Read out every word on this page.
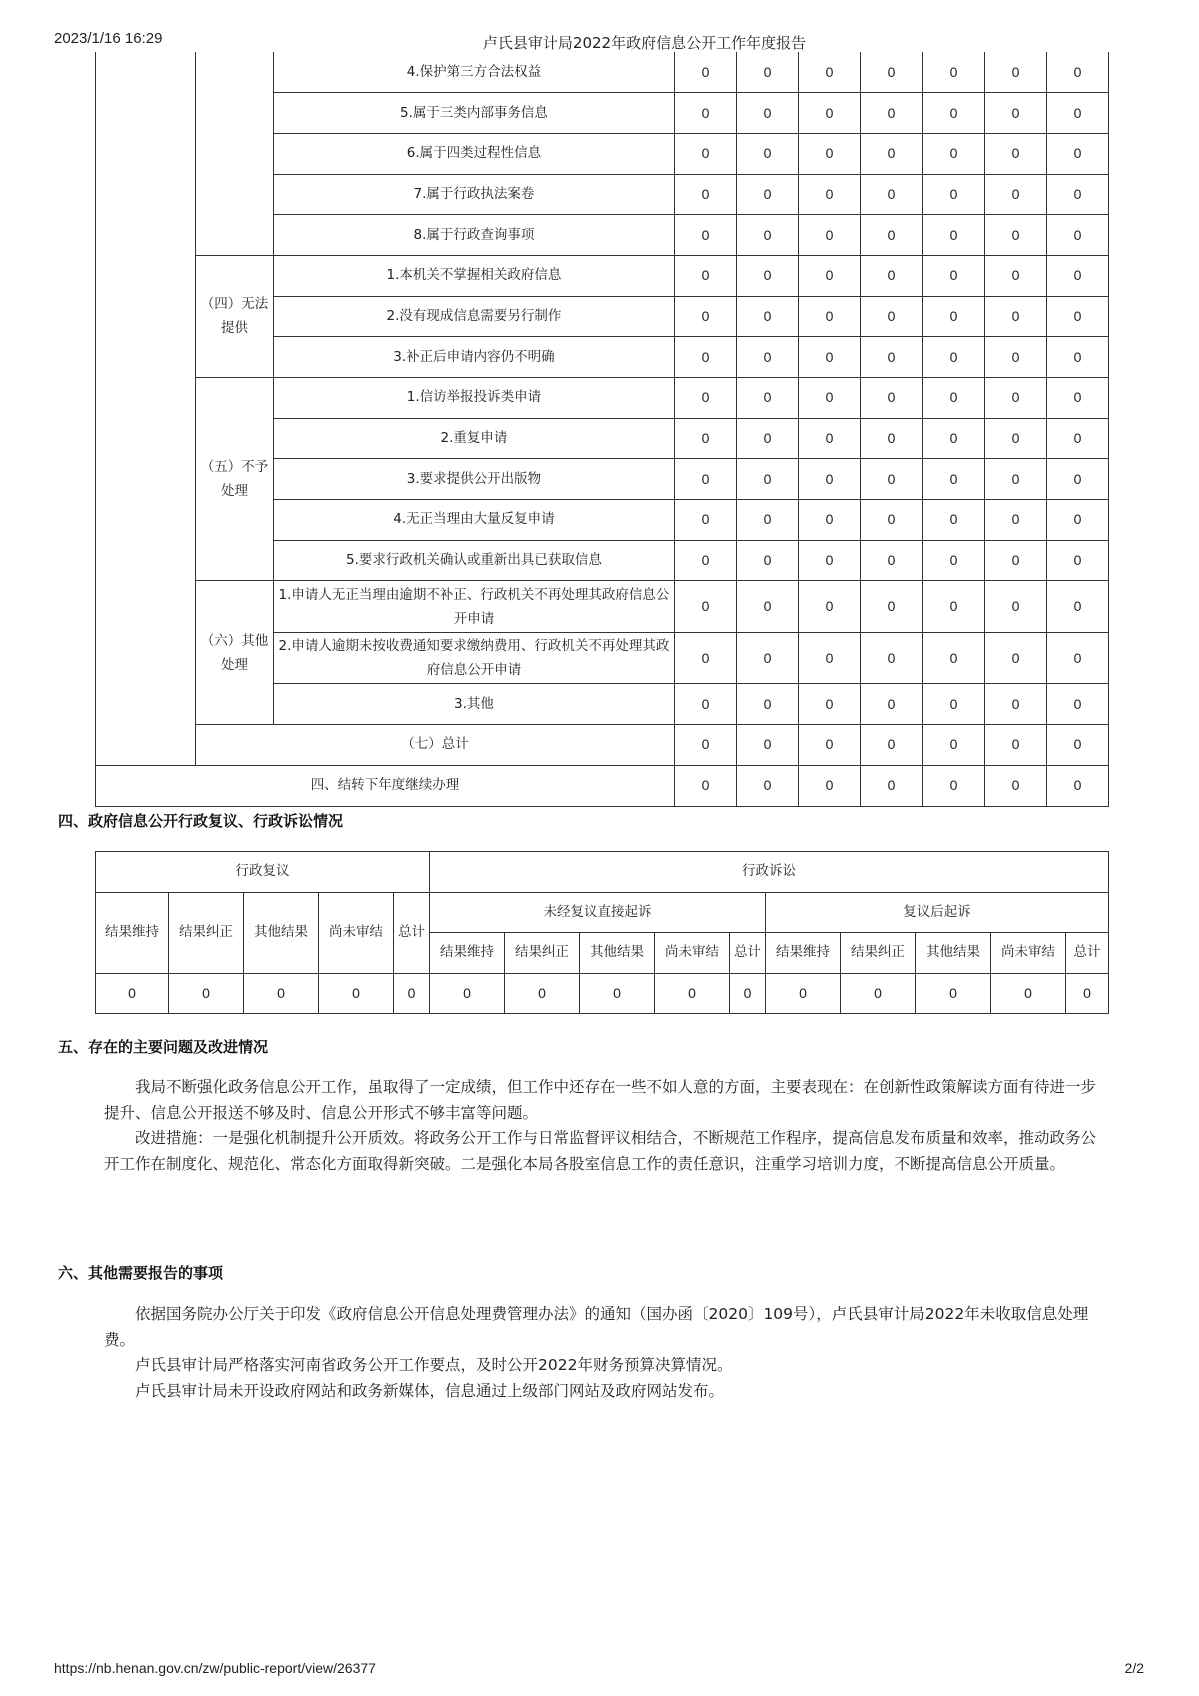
2023/1/16 16:29	卢氏县审计局2022年政府信息公开工作年度报告
		4.保护第三方合法权益	0	0	0	0	0	0	0
		5.属于三类内部事务信息	0	0	0	0	0	0	0
		6.属于四类过程性信息	0	0	0	0	0	0	0
		7.属于行政执法案卷	0	0	0	0	0	0	0
		8.属于行政查询事项	0	0	0	0	0	0	0
	（四）无法提供	1.本机关不掌握相关政府信息	0	0	0	0	0	0	0
		2.没有现成信息需要另行制作	0	0	0	0	0	0	0
		3.补正后申请内容仍不明确	0	0	0	0	0	0	0
	（五）不予处理	1.信访举报投诉类申请	0	0	0	0	0	0	0
		2.重复申请	0	0	0	0	0	0	0
		3.要求提供公开出版物	0	0	0	0	0	0	0
		4.无正当理由大量反复申请	0	0	0	0	0	0	0
		5.要求行政机关确认或重新出具已获取信息	0	0	0	0	0	0	0
	（六）其他处理	1.申请人无正当理由逾期不补正、行政机关不再处理其政府信息公开申请	0	0	0	0	0	0	0
		2.申请人逾期未按收费通知要求缴纳费用、行政机关不再处理其政府信息公开申请	0	0	0	0	0	0	0
		3.其他	0	0	0	0	0	0	0
	（七）总计		0	0	0	0	0	0	0
四、结转下年度继续办理			0	0	0	0	0	0	0
四、政府信息公开行政复议、行政诉讼情况
行政复议					行政诉讼									
结果维持	结果纠正	其他结果	尚未审结	总计	未经复议直接起诉					复议后起诉				
					结果维持	结果纠正	其他结果	尚未审结	总计	结果维持	结果纠正	其他结果	尚未审结	总计
0	0	0	0	0	0	0	0	0	0	0	0	0	0	0
五、存在的主要问题及改进情况

我局不断强化政务信息公开工作，虽取得了一定成绩，但工作中还存在一些不如人意的方面，主要表现在：在创新性政策解读方面有待进一步提升、信息公开报送不够及时、信息公开形式不够丰富等问题。

改进措施：一是强化机制提升公开质效。将政务公开工作与日常监督评议相结合，不断规范工作程序，提高信息发布质量和效率，推动政务公开工作在制度化、规范化、常态化方面取得新突破。二是强化本局各股室信息工作的责任意识，注重学习培训力度，不断提高信息公开质量。

六、其他需要报告的事项

依据国务院办公厅关于印发《政府信息公开信息处理费管理办法》的通知（国办函〔2020〕109号），卢氏县审计局2022年未收取信息处理费。

卢氏县审计局严格落实河南省政务公开工作要点，及时公开2022年财务预算决算情况。

卢氏县审计局未开设政府网站和政务新媒体，信息通过上级部门网站及政府网站发布。

https://nb.henan.gov.cn/zw/public-report/view/26377	2/2
